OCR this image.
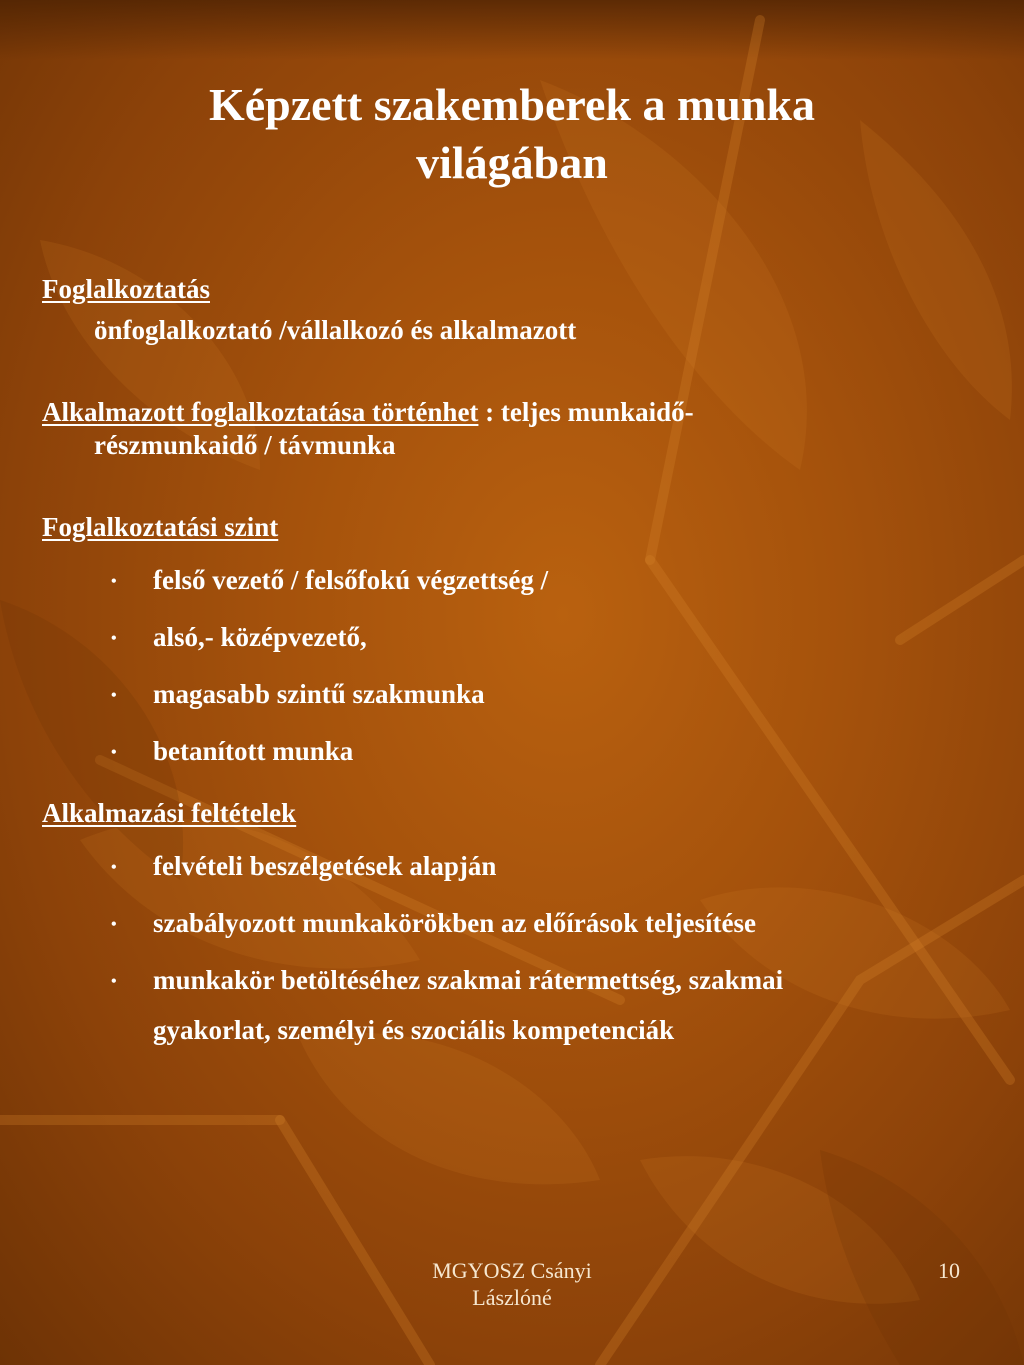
Képzett szakemberek a munka
világában
Foglalkoztatás
önfoglalkoztató /vállalkozó és alkalmazott
Alkalmazott foglalkoztatása történhet : teljes munkaidő-
részmunkaidő / távmunka
Foglalkoztatási szint
• felső vezető / felsőfokú végzettség /
• alsó,- középvezető,
• magasabb szintű szakmunka
• betanított munka
Alkalmazási feltételek
• felvételi beszélgetések alapján
• szabályozott munkakörökben az előírások teljesítése
• munkakör betöltéséhez szakmai rátermettség, szakmai
gyakorlat, személyi és szociális kompetenciák
MGYOSZ Csányi
Lászlóné
10
